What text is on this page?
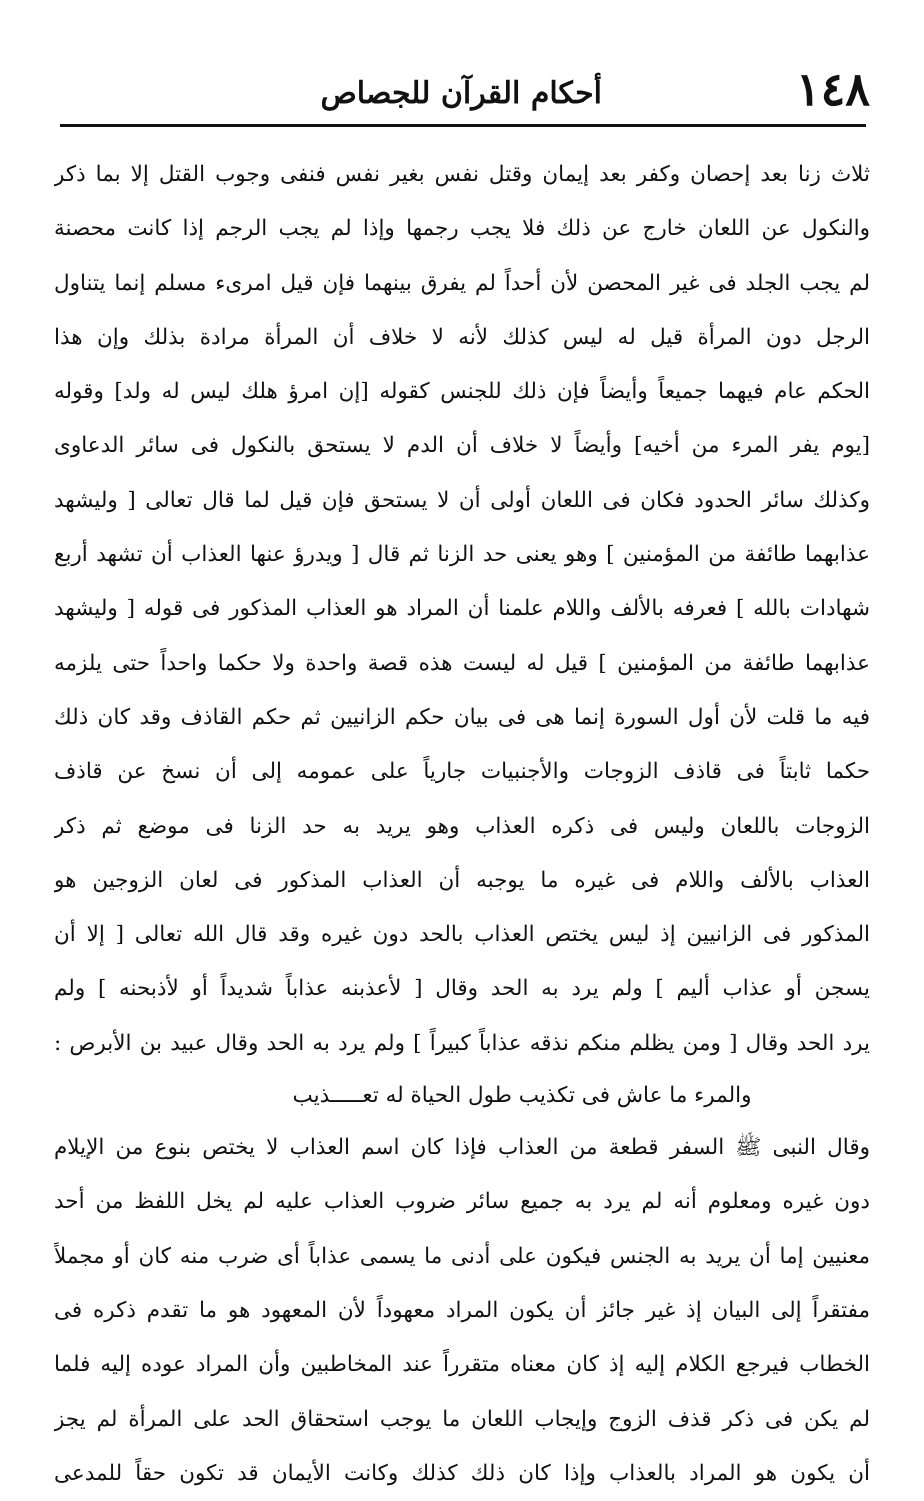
١٤٨
أحكام القرآن للجصاص
ثلاث زنا بعد إحصان وكفر بعد إيمان وقتل نفس بغير نفس فنفى وجوب القتل إلا بما ذكر
والنكول عن اللعان خارج عن ذلك فلا يجب رجمها وإذا لم يجب الرجم إذا كانت محصنة
لم يجب الجلد فى غير المحصن لأن أحداً لم يفرق بينهما فإن قيل امرىء مسلم إنما يتناول
الرجل دون المرأة قيل له ليس كذلك لأنه لا خلاف أن المرأة مرادة بذلك وإن هذا
الحكم عام فيهما جميعاً وأيضاً فإن ذلك للجنس كقوله [إن امرؤ هلك ليس له ولد] وقوله
[يوم يفر المرء من أخيه] وأيضاً لا خلاف أن الدم لا يستحق بالنكول فى سائر الدعاوى
وكذلك سائر الحدود فكان فى اللعان أولى أن لا يستحق فإن قيل لما قال تعالى [ وليشهد
عذابهما طائفة من المؤمنين ] وهو يعنى حد الزنا ثم قال [ ويدرؤ عنها العذاب أن تشهد أربع
شهادات بالله ] فعرفه بالألف واللام علمنا أن المراد هو العذاب المذكور فى قوله [ وليشهد
عذابهما طائفة من المؤمنين ] قيل له ليست هذه قصة واحدة ولا حكما واحداً حتى يلزمه
فيه ما قلت لأن أول السورة إنما هى فى بيان حكم الزانيين ثم حكم القاذف وقد كان ذلك
حكما ثابتاً فى قاذف الزوجات والأجنبيات جارياً على عمومه إلى أن نسخ عن قاذف
الزوجات باللعان وليس فى ذكره العذاب وهو يريد به حد الزنا فى موضع ثم ذكر
العذاب بالألف واللام فى غيره ما يوجبه أن العذاب المذكور فى لعان الزوجين هو
المذكور فى الزانيين إذ ليس يختص العذاب بالحد دون غيره وقد قال الله تعالى [ إلا أن
يسجن أو عذاب أليم ] ولم يرد به الحد وقال [ لأعذبنه عذاباً شديداً أو لأذبحنه ] ولم
يرد الحد وقال [ ومن يظلم منكم نذقه عذاباً كبيراً ] ولم يرد به الحد وقال عبيد بن الأبرص :
والمرء ما عاش فى تكذيب طول الحياة له تعـــــذيب
وقال النبى ﷺ السفر قطعة من العذاب فإذا كان اسم العذاب لا يختص بنوع من الإيلام
دون غيره ومعلوم أنه لم يرد به جميع سائر ضروب العذاب عليه لم يخل اللفظ من أحد
معنيين إما أن يريد به الجنس فيكون على أدنى ما يسمى عذاباً أى ضرب منه كان أو مجملاً
مفتقراً إلى البيان إذ غير جائز أن يكون المراد معهوداً لأن المعهود هو ما تقدم ذكره فى
الخطاب فيرجع الكلام إليه إذ كان معناه متقرراً عند المخاطبين وأن المراد عوده إليه فلما
لم يكن فى ذكر قذف الزوج وإيجاب اللعان ما يوجب استحقاق الحد على المرأة لم يجز
أن يكون هو المراد بالعذاب وإذا كان ذلك كذلك وكانت الأيمان قد تكون حقاً للمدعى
